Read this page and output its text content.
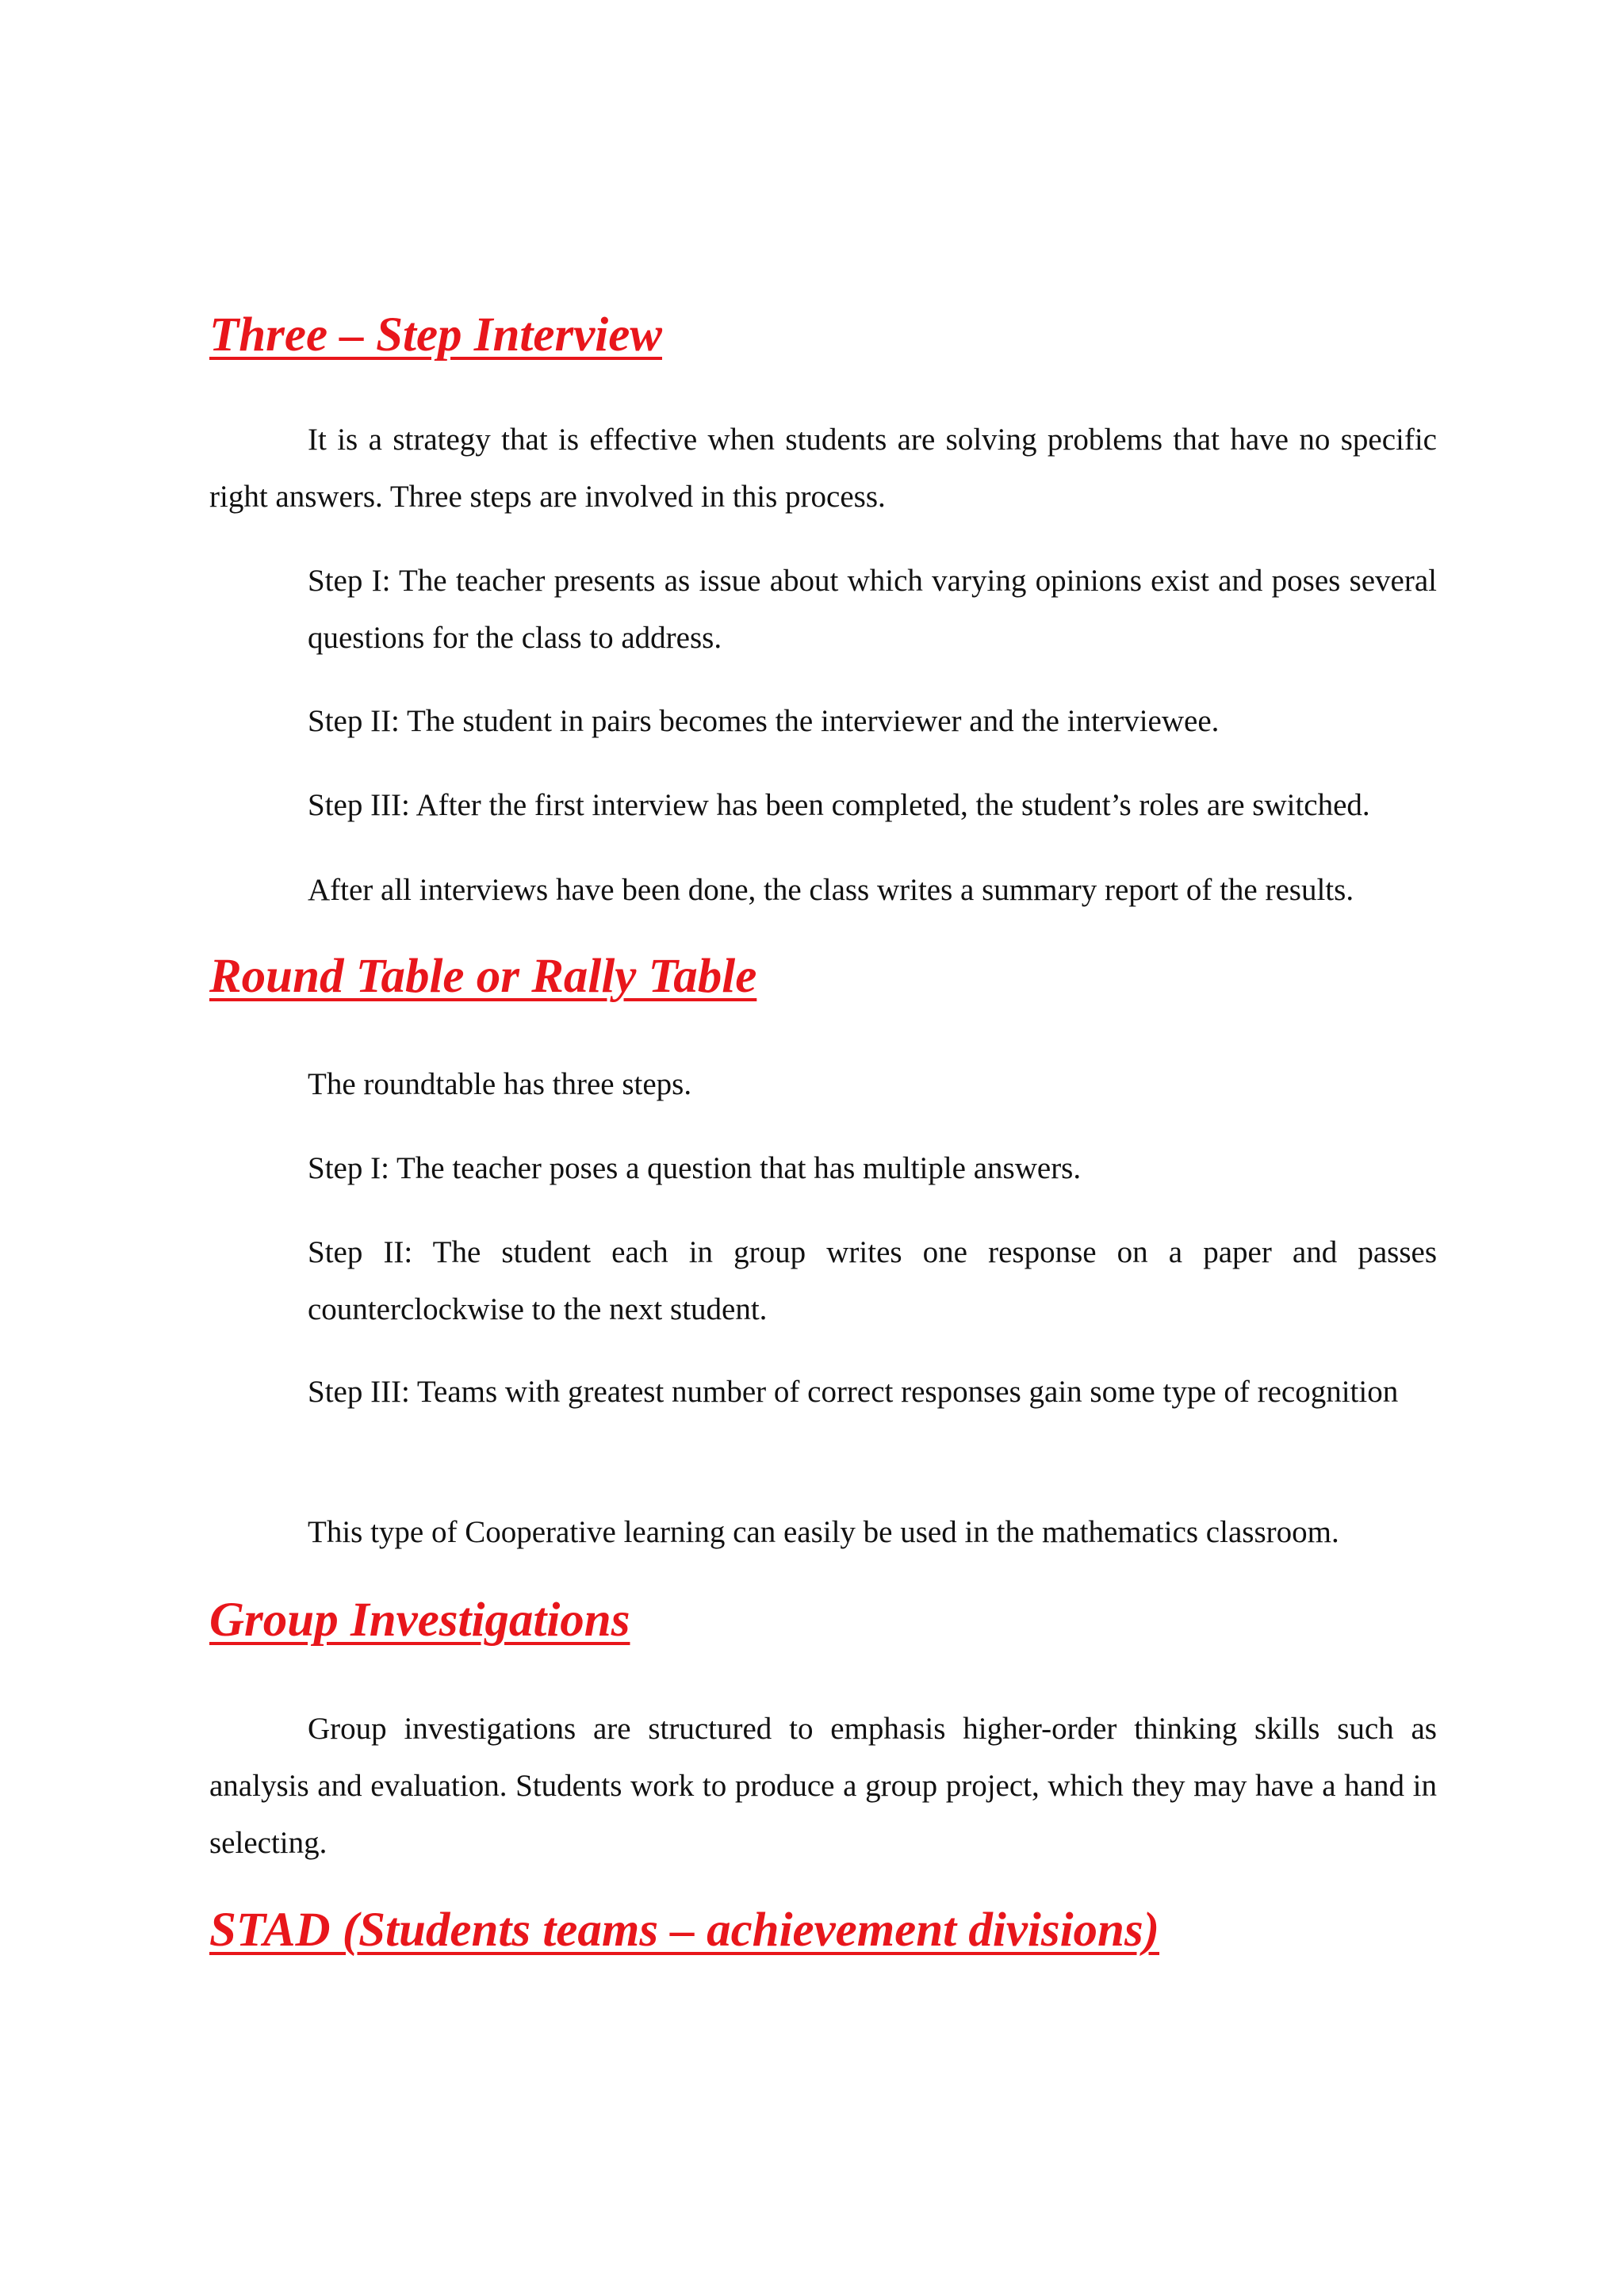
Three – Step Interview

It is a strategy that is effective when students are solving problems that have no specific right answers. Three steps are involved in this process.

Step I: The teacher presents as issue about which varying opinions exist and poses several questions for the class to address.

Step II: The student in pairs becomes the interviewer and the interviewee.

Step III: After the first interview has been completed, the student’s roles are switched.

After all interviews have been done, the class writes a summary report of the results.

Round Table or Rally Table

The roundtable has three steps.

Step I: The teacher poses a question that has multiple answers.

Step II: The student each in group writes one response on a paper and passes counterclockwise to the next student.

Step III: Teams with greatest number of correct responses gain some type of recognition

This type of Cooperative learning can easily be used in the mathematics classroom.

Group Investigations

Group investigations are structured to emphasis higher-order thinking skills such as analysis and evaluation. Students work to produce a group project, which they may have a hand in selecting.

STAD (Students teams – achievement divisions)
